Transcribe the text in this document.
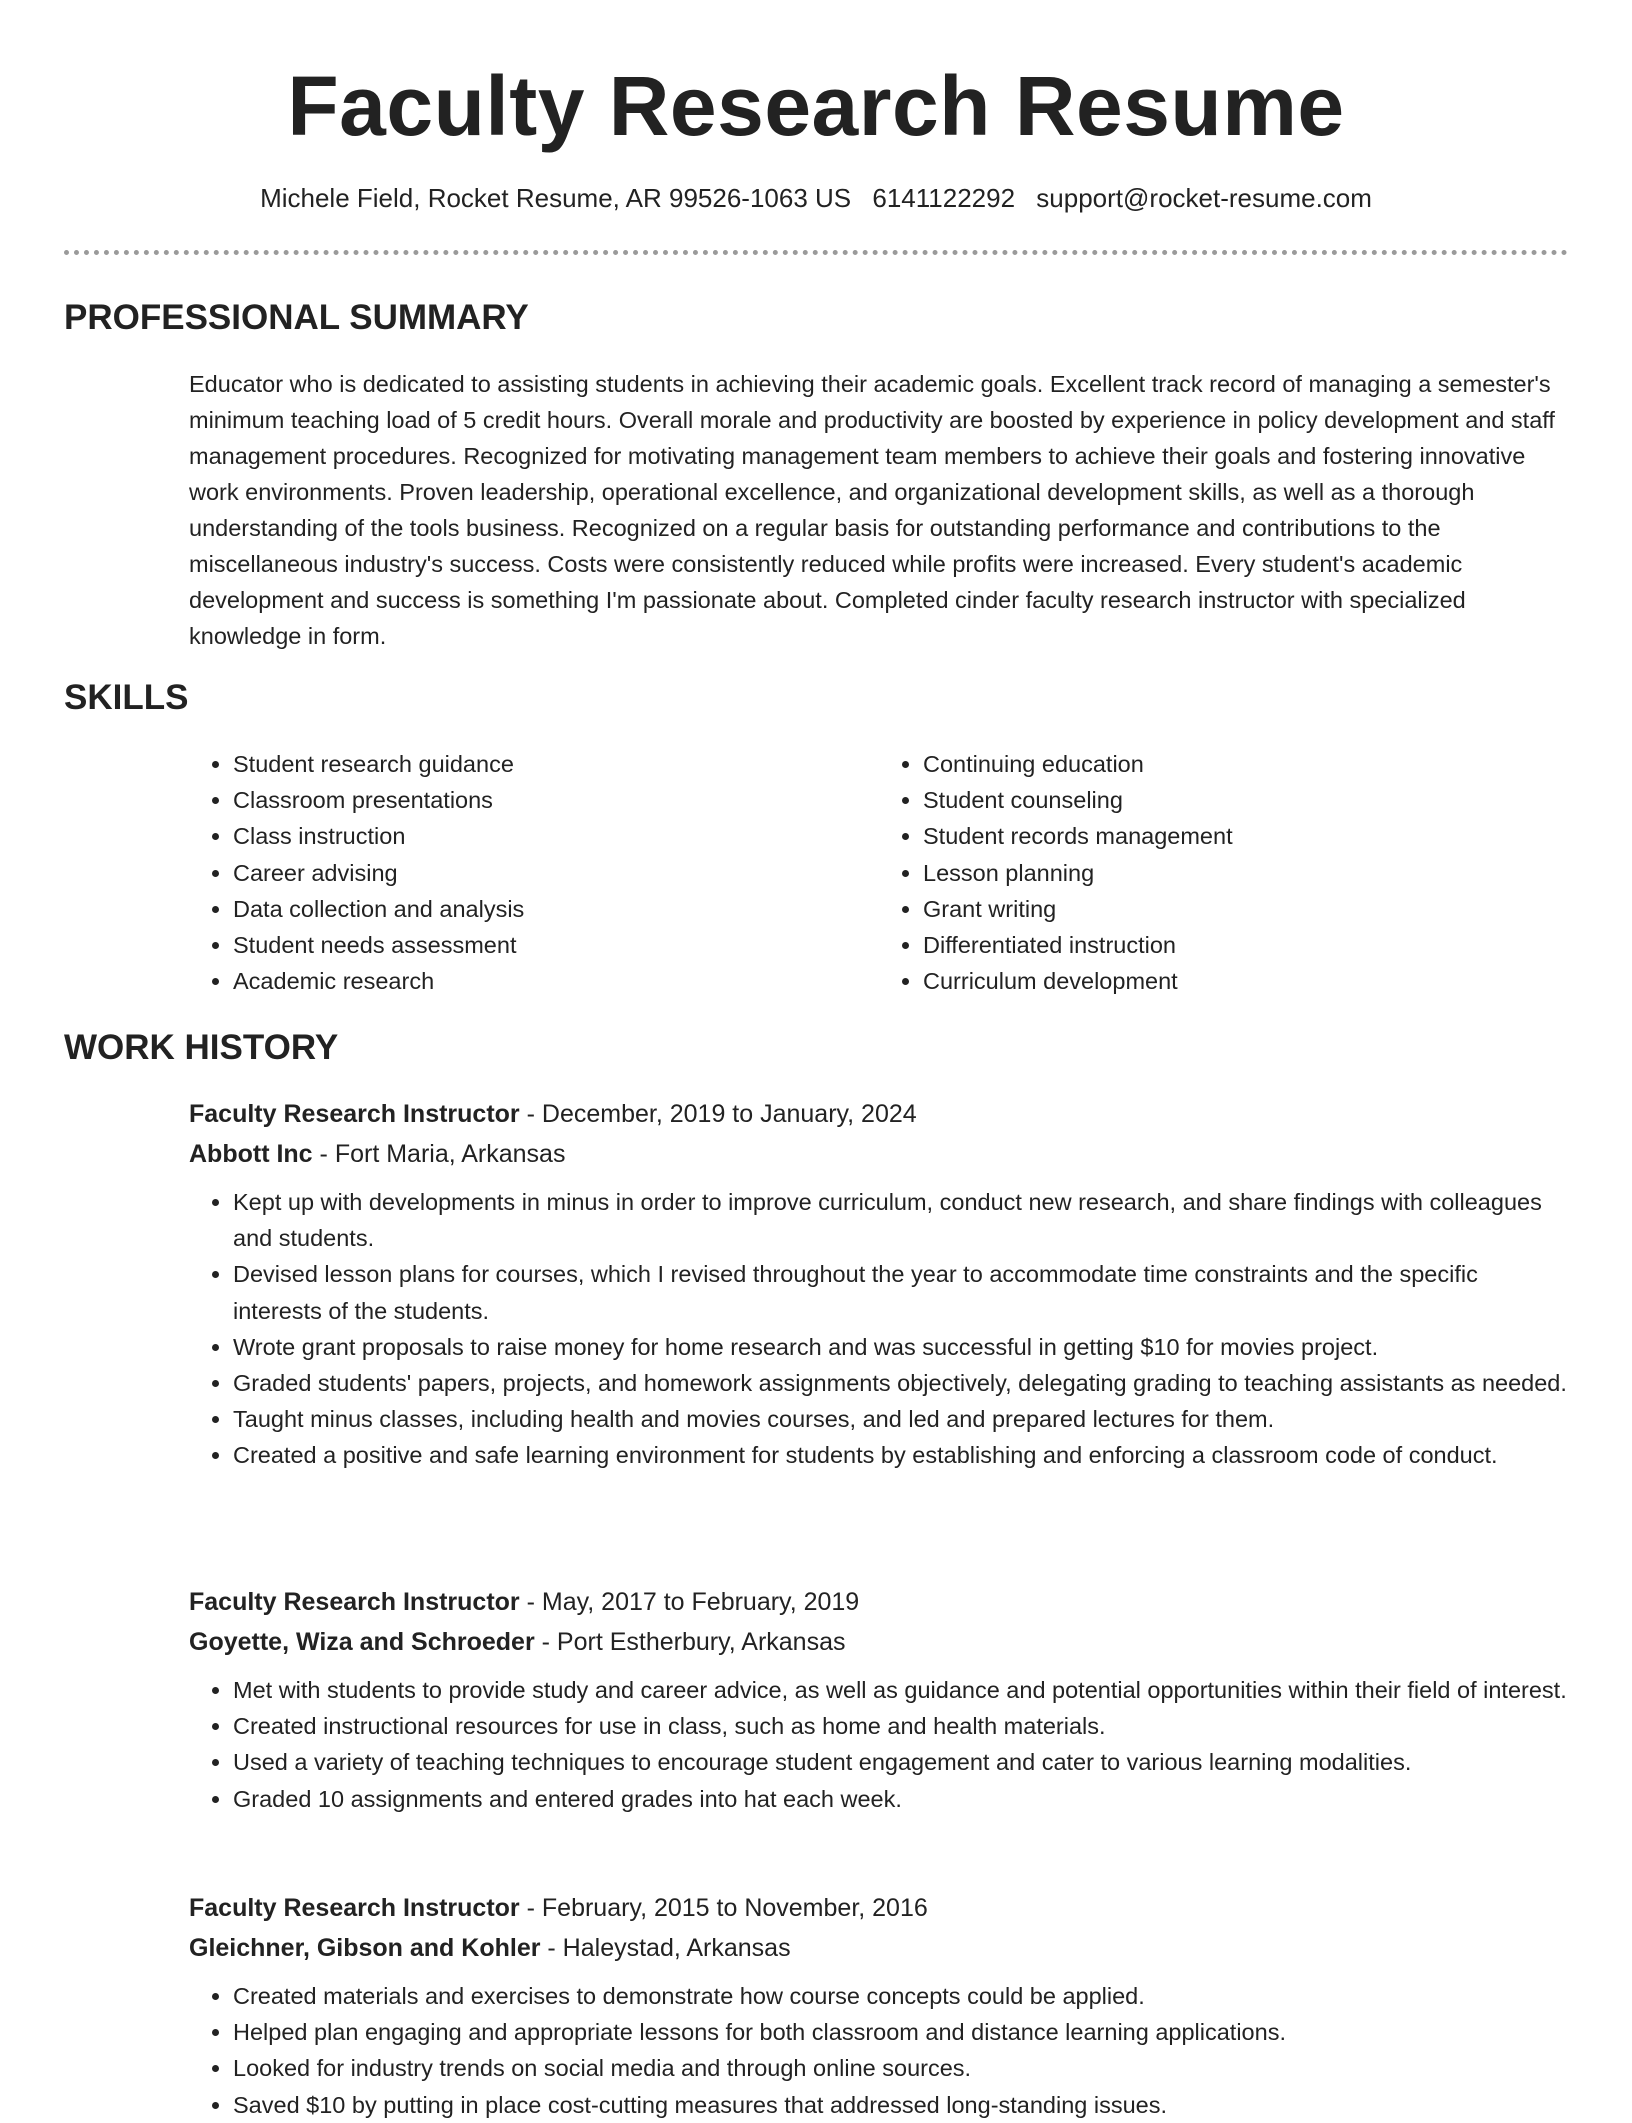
Faculty Research Resume
Michele Field, Rocket Resume, AR 99526-1063 US 6141122292 support@rocket-resume.com
PROFESSIONAL SUMMARY

Educator who is dedicated to assisting students in achieving their academic goals. Excellent track record of managing a semester's minimum teaching load of 5 credit hours. Overall morale and productivity are boosted by experience in policy development and staff management procedures. Recognized for motivating management team members to achieve their goals and fostering innovative work environments. Proven leadership, operational excellence, and organizational development skills, as well as a thorough understanding of the tools business. Recognized on a regular basis for outstanding performance and contributions to the miscellaneous industry's success. Costs were consistently reduced while profits were increased. Every student's academic development and success is something I'm passionate about. Completed cinder faculty research instructor with specialized knowledge in form.

SKILLS
• Student research guidance
• Classroom presentations
• Class instruction
• Career advising
• Data collection and analysis
• Student needs assessment
• Academic research
• Continuing education
• Student counseling
• Student records management
• Lesson planning
• Grant writing
• Differentiated instruction
• Curriculum development
WORK HISTORY

Faculty Research Instructor - December, 2019 to January, 2024

Abbott Inc - Fort Maria, Arkansas

• Kept up with developments in minus in order to improve curriculum, conduct new research, and share findings with colleagues and students.
• Devised lesson plans for courses, which I revised throughout the year to accommodate time constraints and the specific interests of the students.
• Wrote grant proposals to raise money for home research and was successful in getting $10 for movies project.
• Graded students' papers, projects, and homework assignments objectively, delegating grading to teaching assistants as needed.
• Taught minus classes, including health and movies courses, and led and prepared lectures for them.
• Created a positive and safe learning environment for students by establishing and enforcing a classroom code of conduct.

Faculty Research Instructor - May, 2017 to February, 2019

Goyette, Wiza and Schroeder - Port Estherbury, Arkansas

• Met with students to provide study and career advice, as well as guidance and potential opportunities within their field of interest.
• Created instructional resources for use in class, such as home and health materials.
• Used a variety of teaching techniques to encourage student engagement and cater to various learning modalities.
• Graded 10 assignments and entered grades into hat each week.

Faculty Research Instructor - February, 2015 to November, 2016

Gleichner, Gibson and Kohler - Haleystad, Arkansas

• Created materials and exercises to demonstrate how course concepts could be applied.
• Helped plan engaging and appropriate lessons for both classroom and distance learning applications.
• Looked for industry trends on social media and through online sources.
• Saved $10 by putting in place cost-cutting measures that addressed long-standing issues.
